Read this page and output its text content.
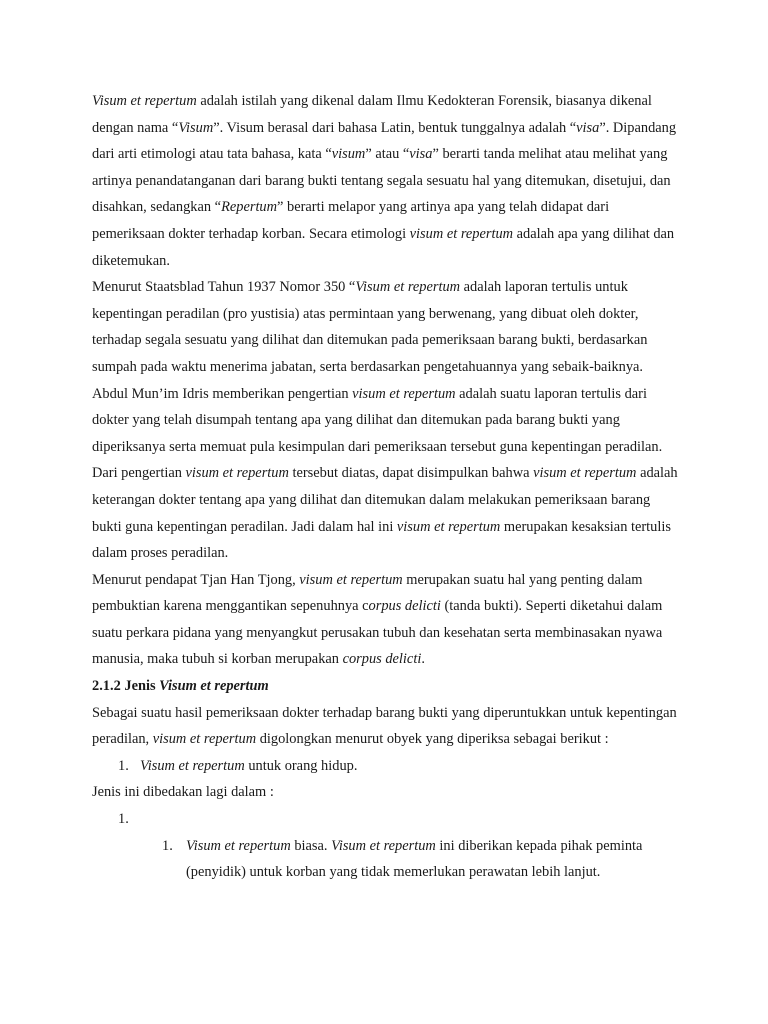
Visum et repertum adalah istilah yang dikenal dalam Ilmu Kedokteran Forensik, biasanya dikenal dengan nama “Visum”. Visum berasal dari bahasa Latin, bentuk tunggalnya adalah “visa”. Dipandang dari arti etimologi atau tata bahasa, kata “visum” atau “visa” berarti tanda melihat atau melihat yang artinya penandatanganan dari barang bukti tentang segala sesuatu hal yang ditemukan, disetujui, dan disahkan, sedangkan “Repertum” berarti melapor yang artinya apa yang telah didapat dari pemeriksaan dokter terhadap korban. Secara etimologi visum et repertum adalah apa yang dilihat dan diketemukan.

Menurut Staatsblad Tahun 1937 Nomor 350 “Visum et repertum adalah laporan tertulis untuk kepentingan peradilan (pro yustisia) atas permintaan yang berwenang, yang dibuat oleh dokter, terhadap segala sesuatu yang dilihat dan ditemukan pada pemeriksaan barang bukti, berdasarkan sumpah pada waktu menerima jabatan, serta berdasarkan pengetahuannya yang sebaik-baiknya.

Abdul Mun’im Idris memberikan pengertian visum et repertum adalah suatu laporan tertulis dari dokter yang telah disumpah tentang apa yang dilihat dan ditemukan pada barang bukti yang diperiksanya serta memuat pula kesimpulan dari pemeriksaan tersebut guna kepentingan peradilan.

Dari pengertian visum et repertum tersebut diatas, dapat disimpulkan bahwa visum et repertum adalah keterangan dokter tentang apa yang dilihat dan ditemukan dalam melakukan pemeriksaan barang bukti guna kepentingan peradilan. Jadi dalam hal ini visum et repertum merupakan kesaksian tertulis dalam proses peradilan.

Menurut pendapat Tjan Han Tjong, visum et repertum merupakan suatu hal yang penting dalam pembuktian karena menggantikan sepenuhnya corpus delicti (tanda bukti). Seperti diketahui dalam suatu perkara pidana yang menyangkut perusakan tubuh dan kesehatan serta membinasakan nyawa manusia, maka tubuh si korban merupakan corpus delicti.

2.1.2 Jenis Visum et repertum

Sebagai suatu hasil pemeriksaan dokter terhadap barang bukti yang diperuntukkan untuk kepentingan peradilan, visum et repertum digolongkan menurut obyek yang diperiksa sebagai berikut :

1. Visum et repertum untuk orang hidup.

Jenis ini dibedakan lagi dalam :

1.
1. Visum et repertum biasa. Visum et repertum ini diberikan kepada pihak peminta (penyidik) untuk korban yang tidak memerlukan perawatan lebih lanjut.
